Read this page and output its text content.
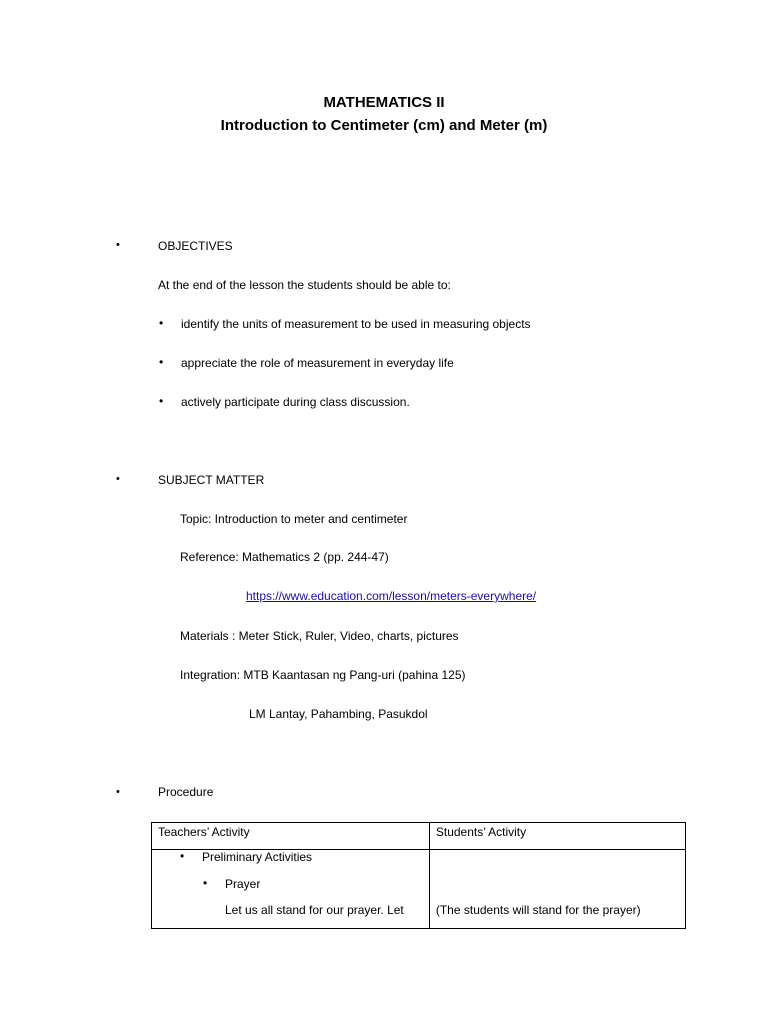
MATHEMATICS II
Introduction to Centimeter (cm) and Meter (m)
•	OBJECTIVES
At the end of the lesson the students should be able to:
• identify the units of measurement to be used in measuring objects
• appreciate the role of measurement in everyday life
• actively participate during class discussion.
•	SUBJECT MATTER
Topic: Introduction to meter and centimeter
Reference: Mathematics 2 (pp. 244-47)
https://www.education.com/lesson/meters-everywhere/
Materials : Meter Stick, Ruler, Video, charts, pictures
Integration: MTB Kaantasan ng Pang-uri (pahina 125)
LM Lantay, Pahambing, Pasukdol
•	Procedure
Teachers’ Activity	Students’ Activity

• Preliminary Activities
• Prayer
Let us all stand for our prayer. Let	(The students will stand for the prayer)
